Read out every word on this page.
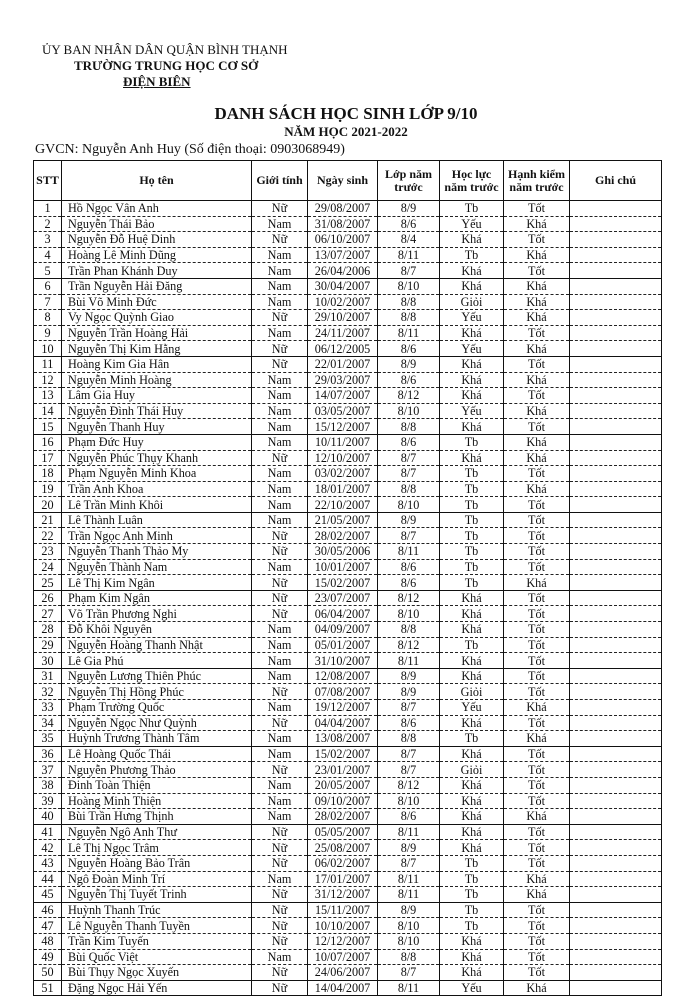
ỦY BAN NHÂN DÂN QUẬN BÌNH THẠNH
TRƯỜNG TRUNG HỌC CƠ SỞ
ĐIỆN BIÊN
DANH SÁCH HỌC SINH LỚP 9/10
NĂM HỌC 2021-2022
GVCN: Nguyễn Anh Huy (Số điện thoại: 0903068949)
STT	Họ tên	Giới tính	Ngày sinh	Lớp năm trước	Học lực năm trước	Hạnh kiểm năm trước	Ghi chú
1	Hồ Ngọc Vân Anh	Nữ	29/08/2007	8/9	Tb	Tốt	
2	Nguyễn Thái Bảo	Nam	31/08/2007	8/6	Yếu	Khá	
3	Nguyễn Đỗ Huệ Dinh	Nữ	06/10/2007	8/4	Khá	Tốt	
4	Hoàng Lê Minh Dũng	Nam	13/07/2007	8/11	Tb	Khá	
5	Trần Phan Khánh Duy	Nam	26/04/2006	8/7	Khá	Tốt	
6	Trần Nguyễn Hải Đăng	Nam	30/04/2007	8/10	Khá	Khá	
7	Bùi Võ Minh Đức	Nam	10/02/2007	8/8	Giỏi	Khá	
8	Vy Ngọc Quỳnh Giao	Nữ	29/10/2007	8/8	Yếu	Khá	
9	Nguyễn Trần Hoàng Hải	Nam	24/11/2007	8/11	Khá	Tốt	
10	Nguyễn Thị Kim Hằng	Nữ	06/12/2005	8/6	Yếu	Khá	
11	Hoàng Kim Gia Hân	Nữ	22/01/2007	8/9	Khá	Tốt	
12	Nguyễn Minh Hoàng	Nam	29/03/2007	8/6	Khá	Khá	
13	Lâm Gia Huy	Nam	14/07/2007	8/12	Khá	Tốt	
14	Nguyễn Đình Thái Huy	Nam	03/05/2007	8/10	Yếu	Khá	
15	Nguyễn Thanh Huy	Nam	15/12/2007	8/8	Khá	Tốt	
16	Phạm Đức Huy	Nam	10/11/2007	8/6	Tb	Khá	
17	Nguyễn Phúc Thụy Khanh	Nữ	12/10/2007	8/7	Khá	Khá	
18	Phạm Nguyễn Minh Khoa	Nam	03/02/2007	8/7	Tb	Tốt	
19	Trần Anh Khoa	Nam	18/01/2007	8/8	Tb	Khá	
20	Lê Trần Minh Khôi	Nam	22/10/2007	8/10	Tb	Tốt	
21	Lê Thành Luân	Nam	21/05/2007	8/9	Tb	Tốt	
22	Trần Ngọc Anh Minh	Nữ	28/02/2007	8/7	Tb	Tốt	
23	Nguyễn Thanh Thảo My	Nữ	30/05/2006	8/11	Tb	Tốt	
24	Nguyễn Thành Nam	Nam	10/01/2007	8/6	Tb	Tốt	
25	Lê Thị Kim Ngân	Nữ	15/02/2007	8/6	Tb	Khá	
26	Phạm Kim Ngân	Nữ	23/07/2007	8/12	Khá	Tốt	
27	Võ Trần Phương Nghi	Nữ	06/04/2007	8/10	Khá	Tốt	
28	Đỗ Khôi Nguyên	Nam	04/09/2007	8/8	Khá	Tốt	
29	Nguyễn Hoàng Thanh Nhật	Nam	05/01/2007	8/12	Tb	Tốt	
30	Lê Gia Phú	Nam	31/10/2007	8/11	Khá	Tốt	
31	Nguyễn Lương Thiên Phúc	Nam	12/08/2007	8/9	Khá	Tốt	
32	Nguyễn Thị Hồng Phúc	Nữ	07/08/2007	8/9	Giỏi	Tốt	
33	Phạm Trường Quốc	Nam	19/12/2007	8/7	Yếu	Khá	
34	Nguyễn Ngọc Như Quỳnh	Nữ	04/04/2007	8/6	Khá	Tốt	
35	Huỳnh Trương Thành Tâm	Nam	13/08/2007	8/8	Tb	Khá	
36	Lê Hoàng Quốc Thái	Nam	15/02/2007	8/7	Khá	Tốt	
37	Nguyễn Phương Thảo	Nữ	23/01/2007	8/7	Giỏi	Tốt	
38	Đinh Toàn Thiện	Nam	20/05/2007	8/12	Khá	Tốt	
39	Hoàng Minh Thiện	Nam	09/10/2007	8/10	Khá	Tốt	
40	Bùi Trần Hưng Thịnh	Nam	28/02/2007	8/6	Khá	Khá	
41	Nguyễn Ngô Anh Thư	Nữ	05/05/2007	8/11	Khá	Tốt	
42	Lê Thị Ngọc Trâm	Nữ	25/08/2007	8/9	Khá	Tốt	
43	Nguyễn Hoàng Bảo Trân	Nữ	06/02/2007	8/7	Tb	Tốt	
44	Ngô Đoàn Minh Trí	Nam	17/01/2007	8/11	Tb	Khá	
45	Nguyễn Thị Tuyết Trinh	Nữ	31/12/2007	8/11	Tb	Khá	
46	Huỳnh Thanh Trúc	Nữ	15/11/2007	8/9	Tb	Tốt	
47	Lê Nguyễn Thanh Tuyền	Nữ	10/10/2007	8/10	Tb	Tốt	
48	Trần Kim Tuyến	Nữ	12/12/2007	8/10	Khá	Tốt	
49	Bùi Quốc Việt	Nam	10/07/2007	8/8	Khá	Tốt	
50	Bùi Thụy Ngọc Xuyến	Nữ	24/06/2007	8/7	Khá	Tốt	
51	Đặng Ngọc Hải Yến	Nữ	14/04/2007	8/11	Yếu	Khá	
